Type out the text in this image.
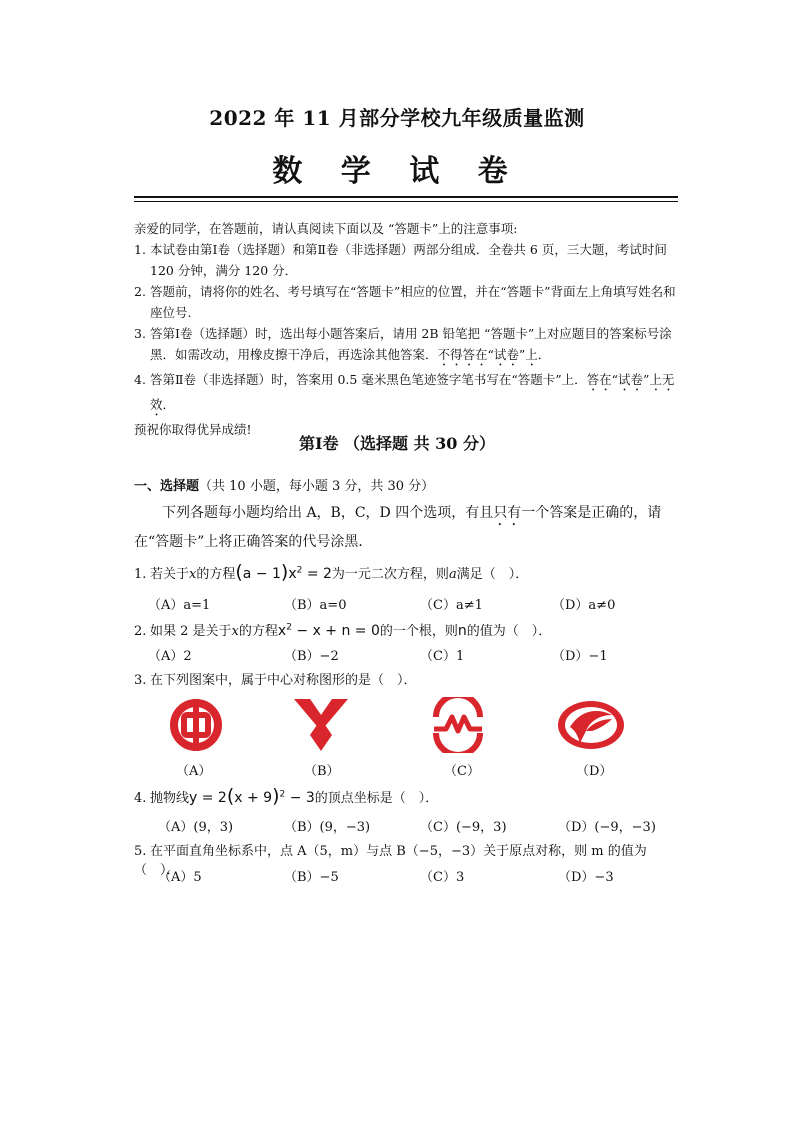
2022 年 11 月部分学校九年级质量监测
数 学 试 卷
亲爱的同学，在答题前，请认真阅读下面以及 “答题卡”上的注意事项:
1. 本试卷由第Ⅰ卷（选择题）和第Ⅱ卷（非选择题）两部分组成．全卷共 6 页，三大题，考试时间 120 分钟，满分 120 分．
2. 答题前，请将你的姓名、考号填写在“答题卡”相应的位置，并在“答题卡”背面左上角填写姓名和座位号.
3. 答第Ⅰ卷（选择题）时，选出每小题答案后，请用 2B 铅笔把 “答题卡”上对应题目的答案标号涂黑．如需改动，用橡皮擦干净后，再选涂其他答案．不得答在“试卷”上．
4. 答第Ⅱ卷（非选择题）时，答案用 0.5 毫米黑色笔迹签字笔书写在“答题卡”上．答在“试卷”上无效．
预祝你取得优异成绩!
第Ⅰ卷 （选择题 共 30 分）
一、选择题（共 10 小题，每小题 3 分，共 30 分）
下列各题每小题均给出 A，B，C，D 四个选项，有且只有一个答案是正确的，请在“答题卡”上将正确答案的代号涂黑．
1. 若关于x的方程$(a - 1)x^2 = 2$为一元二次方程，则a满足（　）．
（A）a=1	（B）a=0	（C）a≠1	（D）a≠0
2. 如果 2 是关于x的方程$x^2 - x + n = 0$的一个根，则n的值为（　）．
（A）2	（B）−2	（C）1	（D）−1
3. 在下列图案中，属于中心对称图形的是（　）．
（A）	（B）	（C）	（D）
4. 抛物线$y = 2(x + 9)^2 - 3$的顶点坐标是（　）．
（A）(9，3)	（B）(9，−3)	（C）(−9，3)	（D）(−9，−3)
5. 在平面直角坐标系中，点 A（5，m）与点 B（−5，−3）关于原点对称，则 m 的值为（　）．
（A）5	（B）−5	（C）3	（D）−3
